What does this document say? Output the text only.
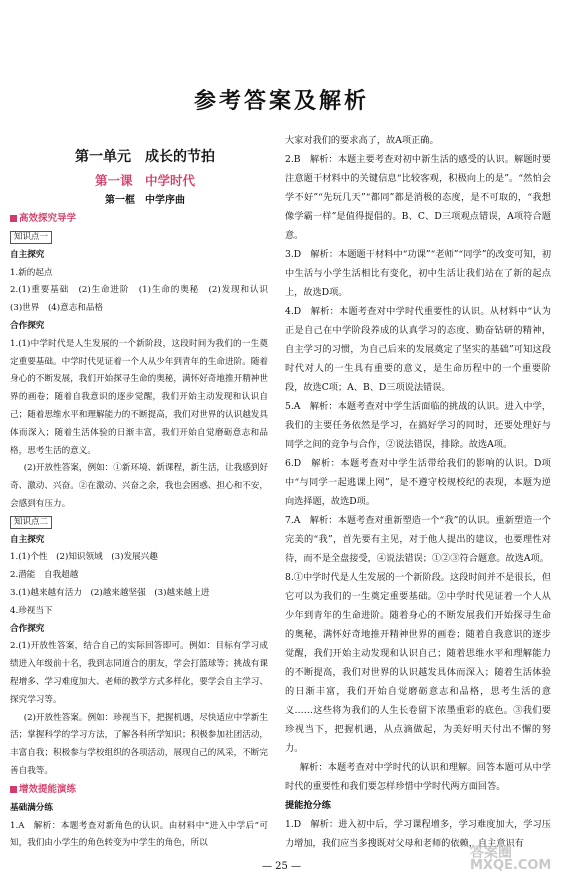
参考答案及解析
第一单元　成长的节拍
第一课　中学时代
第一框　中学序曲
高效探究导学

知识点一

自主探究

1.新的起点

2.(1)重要基础　(2)生命进阶　(1)生命的奥秘　(2)发现和认识　(3)世界　(4)意志和品格

合作探究

1.(1)中学时代是人生发展的一个新阶段，这段时间为我们的一生奠定重要基础。中学时代见证着一个人从少年到青年的生命进阶。随着身心的不断发展，我们开始探寻生命的奥秘，满怀好奇地推开精神世界的画卷；随着自我意识的逐步觉醒，我们开始主动发现和认识自己；随着思维水平和理解能力的不断提高，我们对世界的认识越发具体而深入；随着生活体验的日渐丰富，我们开始自觉磨砺意志和品格，思考生活的意义。

(2)开放性答案，例如：①新环境、新课程，新生活，让我感到好奇、激动、兴奋。②在激动、兴奋之余，我也会困惑、担心和不安，会感到有压力。

知识点二

自主探究

1.(1)个性　(2)知识领域　(3)发展兴趣

2.潜能　自我超越

3.(1)越来越有活力　(2)越来越坚强　(3)越来越上进

4.珍视当下

合作探究

2.(1)开放性答案，结合自己的实际回答即可。例如：目标有学习成绩进入年级前十名，我到志同道合的朋友，学会打篮球等；挑战有课程增多、学习难度加大、老师的教学方式多样化，要学会自主学习、探究学习等。

(2)开放性答案。例如：珍视当下，把握机遇，尽快适应中学新生活；掌握科学的学习方法，了解各科所学知识；积极参加社团活动，丰富自我；积极参与学校组织的各项活动，展现自己的风采，不断完善自我等。

增效提能演练

基础满分练

1.A　解析：本题考查对新角色的认识。由材料中“进入中学后”可知，我们由小学生的角色转变为中学生的角色，所以

大家对我们的要求高了，故A项正确。

2.B　解析：本题主要考查对初中新生活的感受的认识。解题时要注意题干材料中的关键信息“比较客观，积极向上的是”。“然怕会学不好”“先玩几天”“都同”都是消极的态度，是不可取的，“我想像学霸一样”是值得提倡的。B、C、D三项观点错误，A项符合题意。

3.D　解析：本题题干材料中“功课”“老师”“同学”的改变可知，初中生活与小学生活相比有变化，初中生活让我们站在了新的起点上，故选D项。

4.D　解析：本题考查对中学时代重要性的认识。从材料中“认为正是自己在中学阶段养成的认真学习的态度、勤奋钻研的精神，自主学习的习惯，为自己后来的发展奠定了坚实的基础”可知这段时代对人的一生具有重要的意义，是生命历程中的一个重要阶段，故选C项；A、B、D三项说法错误。

5.A　解析：本题考查对中学生活面临的挑战的认识。进入中学，我们的主要任务依然是学习，在搞好学习的同时，还要处理好与同学之间的竞争与合作，②说法错误，排除。故选A项。

6.D　解析：本题考查对中学生活带给我们的影响的认识。D项中“与同学一起逃课上网”，是不遵守校规校纪的表现，本题为逆向选择题，故选D项。

7.A　解析：本题考查对重新塑造一个“我”的认识。重新塑造一个完美的“我”，首先要有主见，对于他人提出的建议，也要理性对待，而不是全盘接受，④说法错误；①②③符合题意。故选A项。

8.①中学时代是人生发展的一个新阶段。这段时间并不是很长，但它可以为我们的一生奠定重要基础。②中学时代见证着一个人从少年到青年的生命进阶。随着身心的不断发展我们开始探寻生命的奥秘，满怀好奇地推开精神世界的画卷；随着自我意识的逐步觉醒，我们开始主动发现和认识自己；随着思维水平和理解能力的不断提高，我们对世界的认识越发具体而深入；随着生活体验的日渐丰富，我们开始自觉磨砺意志和品格，思考生活的意义……这些将为我们的人生长卷留下浓墨重彩的底色。③我们要珍视当下，把握机遇，从点滴做起，为美好明天付出不懈的努力。

解析：本题考查对中学时代的认识和理解。回答本题可从中学时代的重要性和我们要怎样珍惜中学时代两方面回答。

提能抢分练

1.D　解析：进入初中后，学习课程增多，学习难度加大，学习压力增加，我们应当多搜既对父母和老师的依赖，自主意识有

— 25 —
答案圈
MXQE.COM
